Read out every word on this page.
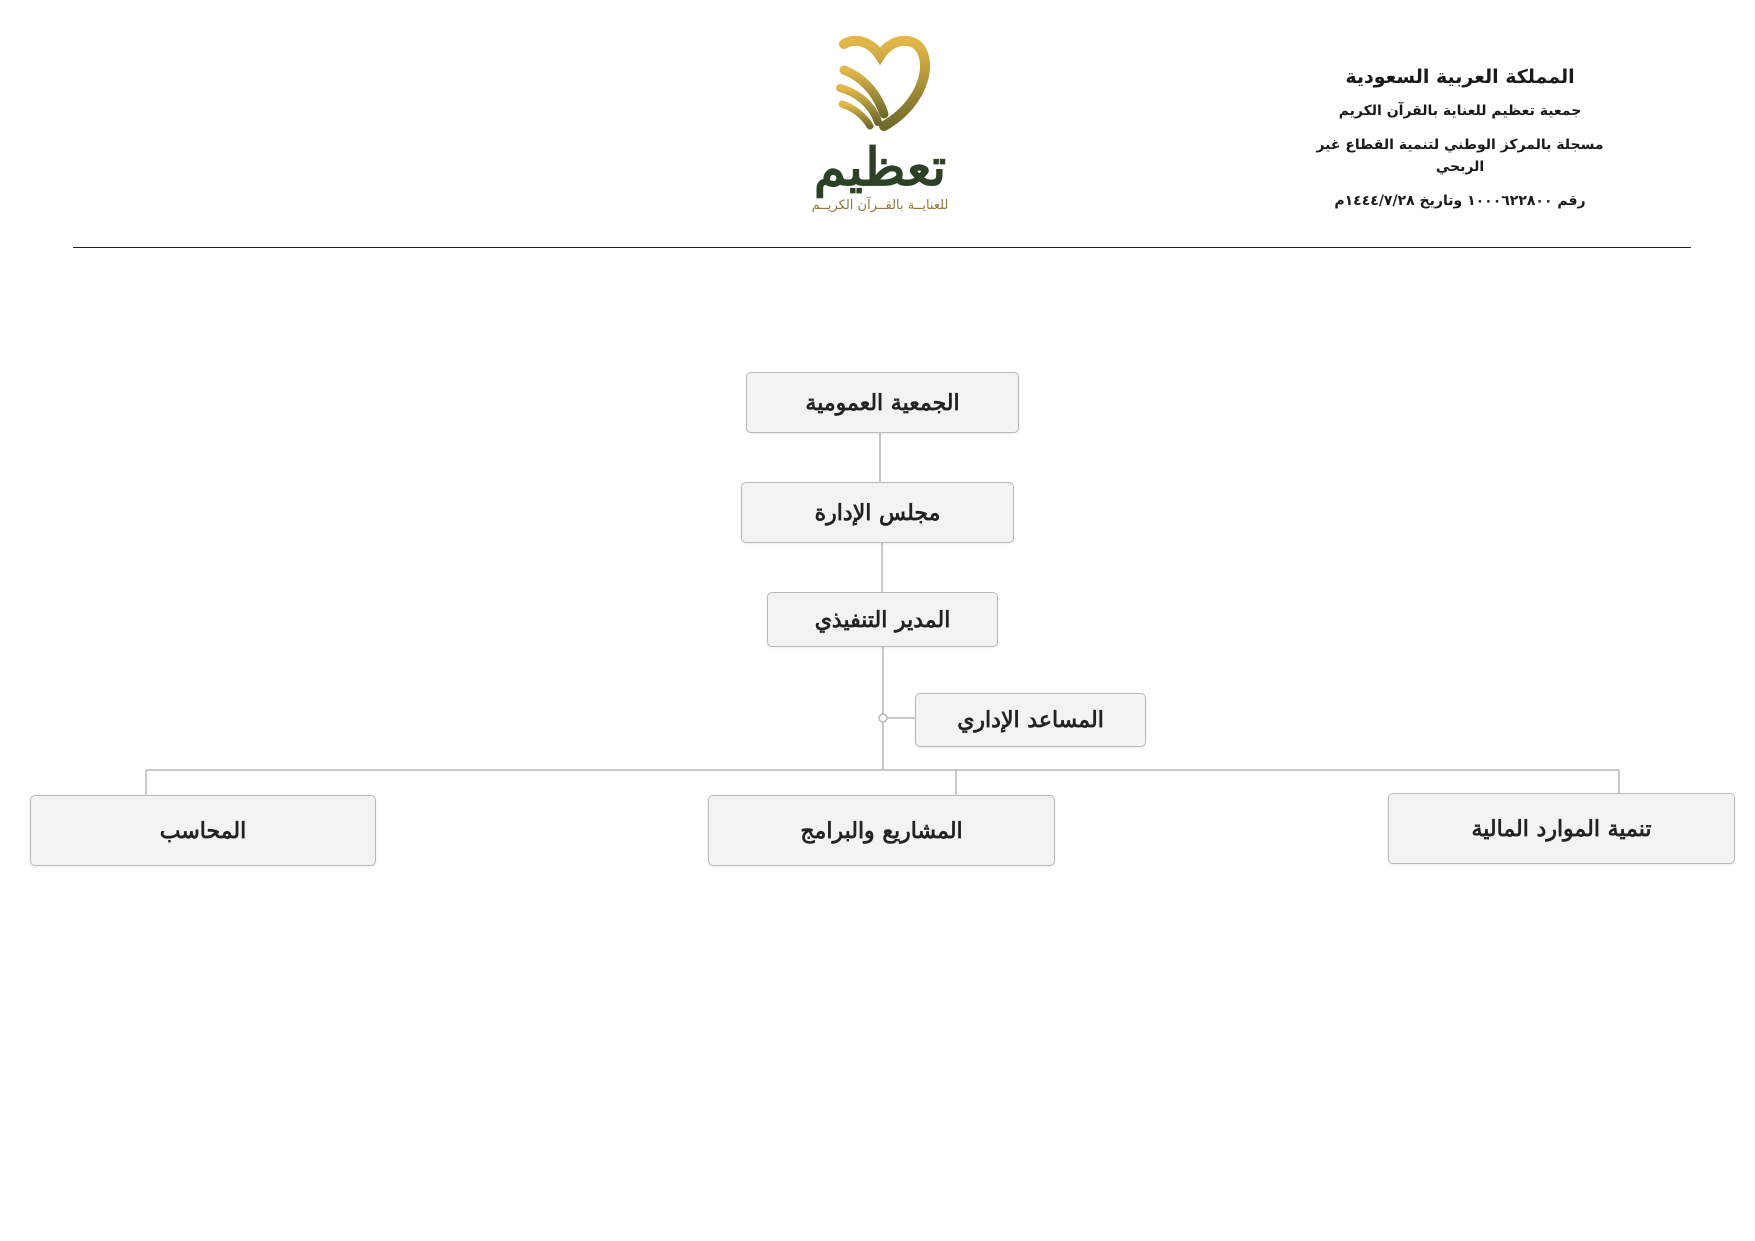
المملكة العربية السعودية
جمعية تعظيم للعناية بالقرآن الكريم
مسجلة بالمركز الوطني لتنمية القطاع غير الربحي
رقم ١٠٠٠٦٢٢٨٠٠ وتاريخ ١٤٤٤/٧/٢٨م
تعظيم
للعنايــة بالقــرآن الكريــم
الجمعية العمومية
مجلس الإدارة
المدير التنفيذي
المساعد الإداري
المحاسب	المشاريع والبرامج	تنمية الموارد المالية
